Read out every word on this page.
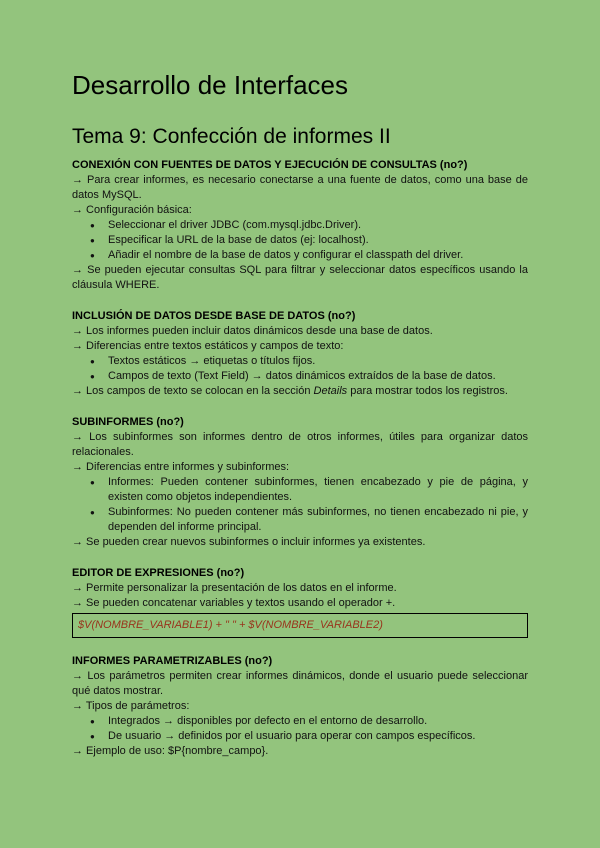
Desarrollo de Interfaces
Tema 9: Confección de informes II

CONEXIÓN CON FUENTES DE DATOS Y EJECUCIÓN DE CONSULTAS (no?)

→ Para crear informes, es necesario conectarse a una fuente de datos, como una base de datos MySQL.

→ Configuración básica:

● Seleccionar el driver JDBC (com.mysql.jdbc.Driver).
● Especificar la URL de la base de datos (ej: localhost).
● Añadir el nombre de la base de datos y configurar el classpath del driver.

→ Se pueden ejecutar consultas SQL para filtrar y seleccionar datos específicos usando la cláusula WHERE.

INCLUSIÓN DE DATOS DESDE BASE DE DATOS (no?)

→ Los informes pueden incluir datos dinámicos desde una base de datos.

→ Diferencias entre textos estáticos y campos de texto:

● Textos estáticos → etiquetas o títulos fijos.
● Campos de texto (Text Field) → datos dinámicos extraídos de la base de datos.

→ Los campos de texto se colocan en la sección Details para mostrar todos los registros.

SUBINFORMES (no?)

→ Los subinformes son informes dentro de otros informes, útiles para organizar datos relacionales.

→ Diferencias entre informes y subinformes:

● Informes: Pueden contener subinformes, tienen encabezado y pie de página, y existen como objetos independientes.
● Subinformes: No pueden contener más subinformes, no tienen encabezado ni pie, y dependen del informe principal.

→ Se pueden crear nuevos subinformes o incluir informes ya existentes.

EDITOR DE EXPRESIONES (no?)

→ Permite personalizar la presentación de los datos en el informe.

→ Se pueden concatenar variables y textos usando el operador +.

$V(NOMBRE_VARIABLE1) + " " + $V(NOMBRE_VARIABLE2)

INFORMES PARAMETRIZABLES (no?)

→ Los parámetros permiten crear informes dinámicos, donde el usuario puede seleccionar qué datos mostrar.

→ Tipos de parámetros:

● Integrados → disponibles por defecto en el entorno de desarrollo.
● De usuario → definidos por el usuario para operar con campos específicos.

→ Ejemplo de uso: $P{nombre_campo}.
